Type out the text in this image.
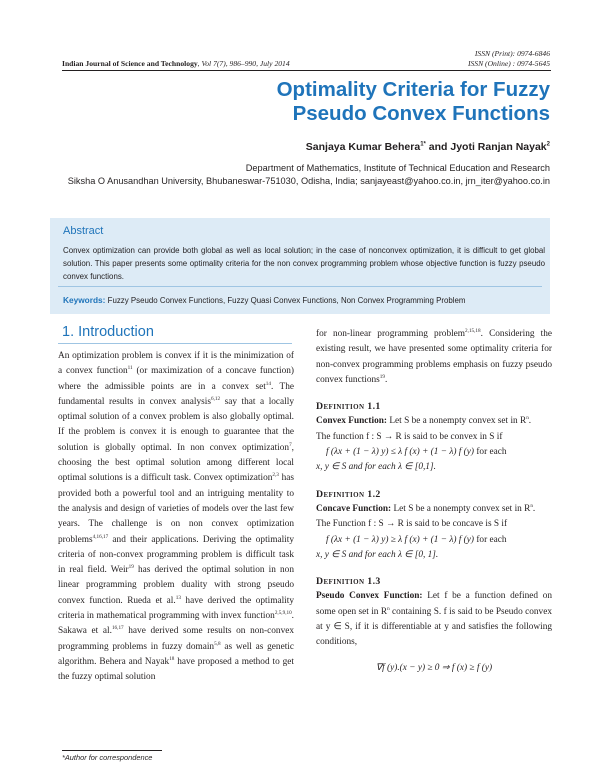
Indian Journal of Science and Technology, Vol 7(7), 986–990, July 2014
ISSN (Print): 0974-6846
ISSN (Online) : 0974-5645
Optimality Criteria for Fuzzy
Pseudo Convex Functions
Sanjaya Kumar Behera$^{1*}$ and Jyoti Ranjan Nayak$^2$
Department of Mathematics, Institute of Technical Education and Research
Siksha O Anusandhan University, Bhubaneswar-751030, Odisha, India; sanjayeast@yahoo.co.in, jrn_iter@yahoo.co.in
Abstract
Convex optimization can provide both global as well as local solution; in the case of nonconvex optimization, it is difficult to get global solution. This paper presents some optimality criteria for the non convex programming problem whose objective function is fuzzy pseudo convex functions.
Keywords: Fuzzy Pseudo Convex Functions, Fuzzy Quasi Convex Functions, Non Convex Programming Problem
1. Introduction

An optimization problem is convex if it is the minimization of a convex function$^{11}$ (or maximization of a concave function) where the admissible points are in a convex set$^{14}$. The fundamental results in convex analysis$^{6,12}$ say that a locally optimal solution of a convex problem is also globally optimal. If the problem is convex it is enough to guarantee that the solution is globally optimal. In non convex optimization$^7$, choosing the best optimal solution among different local optimal solutions is a difficult task. Convex optimization$^{2,3}$ has provided both a powerful tool and an intriguing mentality to the analysis and design of varieties of models over the last few years. The challenge is on non convex optimization problems$^{4,16,17}$ and their applications. Deriving the optimality criteria of non-convex programming problem is difficult task in real field. Weir$^{19}$ has derived the optimal solution in non linear programming problem duality with strong pseudo convex function. Rueda et al.$^{13}$ have derived the optimality criteria in mathematical programming with invex function$^{2,5,9,10}$. Sakawa et al.$^{16,17}$ have derived some results on non-convex programming problems in fuzzy domain$^{5,8}$ as well as genetic algorithm. Behera and Nayak$^{18}$ have proposed a method to get the fuzzy optimal solution

for non-linear programming problem$^{2,15,18}$. Considering the existing result, we have presented some optimality criteria for non-convex programming problems emphasis on fuzzy pseudo convex functions$^{19}$.

Definition 1.1

Convex Function: Let S be a nonempty convex set in $R^n$.

The function f : S → R is said to be convex in S if

f (λx + (1 − λ) y) ≤ λ f (x) + (1 − λ) f (y) for each

x, y ∈ S and for each λ ∈ [0,1].

Definition 1.2

Concave Function: Let S be a nonempty convex set in $R^n$.

The Function f : S → R is said to be concave is S if

f (λx + (1 − λ) y) ≥ λ f (x) + (1 − λ) f (y) for each

x, y ∈ S and for each λ ∈ [0, 1].

Definition 1.3

Pseudo Convex Function: Let f be a function defined on some open set in $R^n$ containing S. f is said to be Pseudo convex at y ∈ S, if it is differentiable at y and satisfies the following conditions,

∇f (y).(x − y) ≥ 0 ⇒ f (x) ≥ f (y)
*Author for correspondence
